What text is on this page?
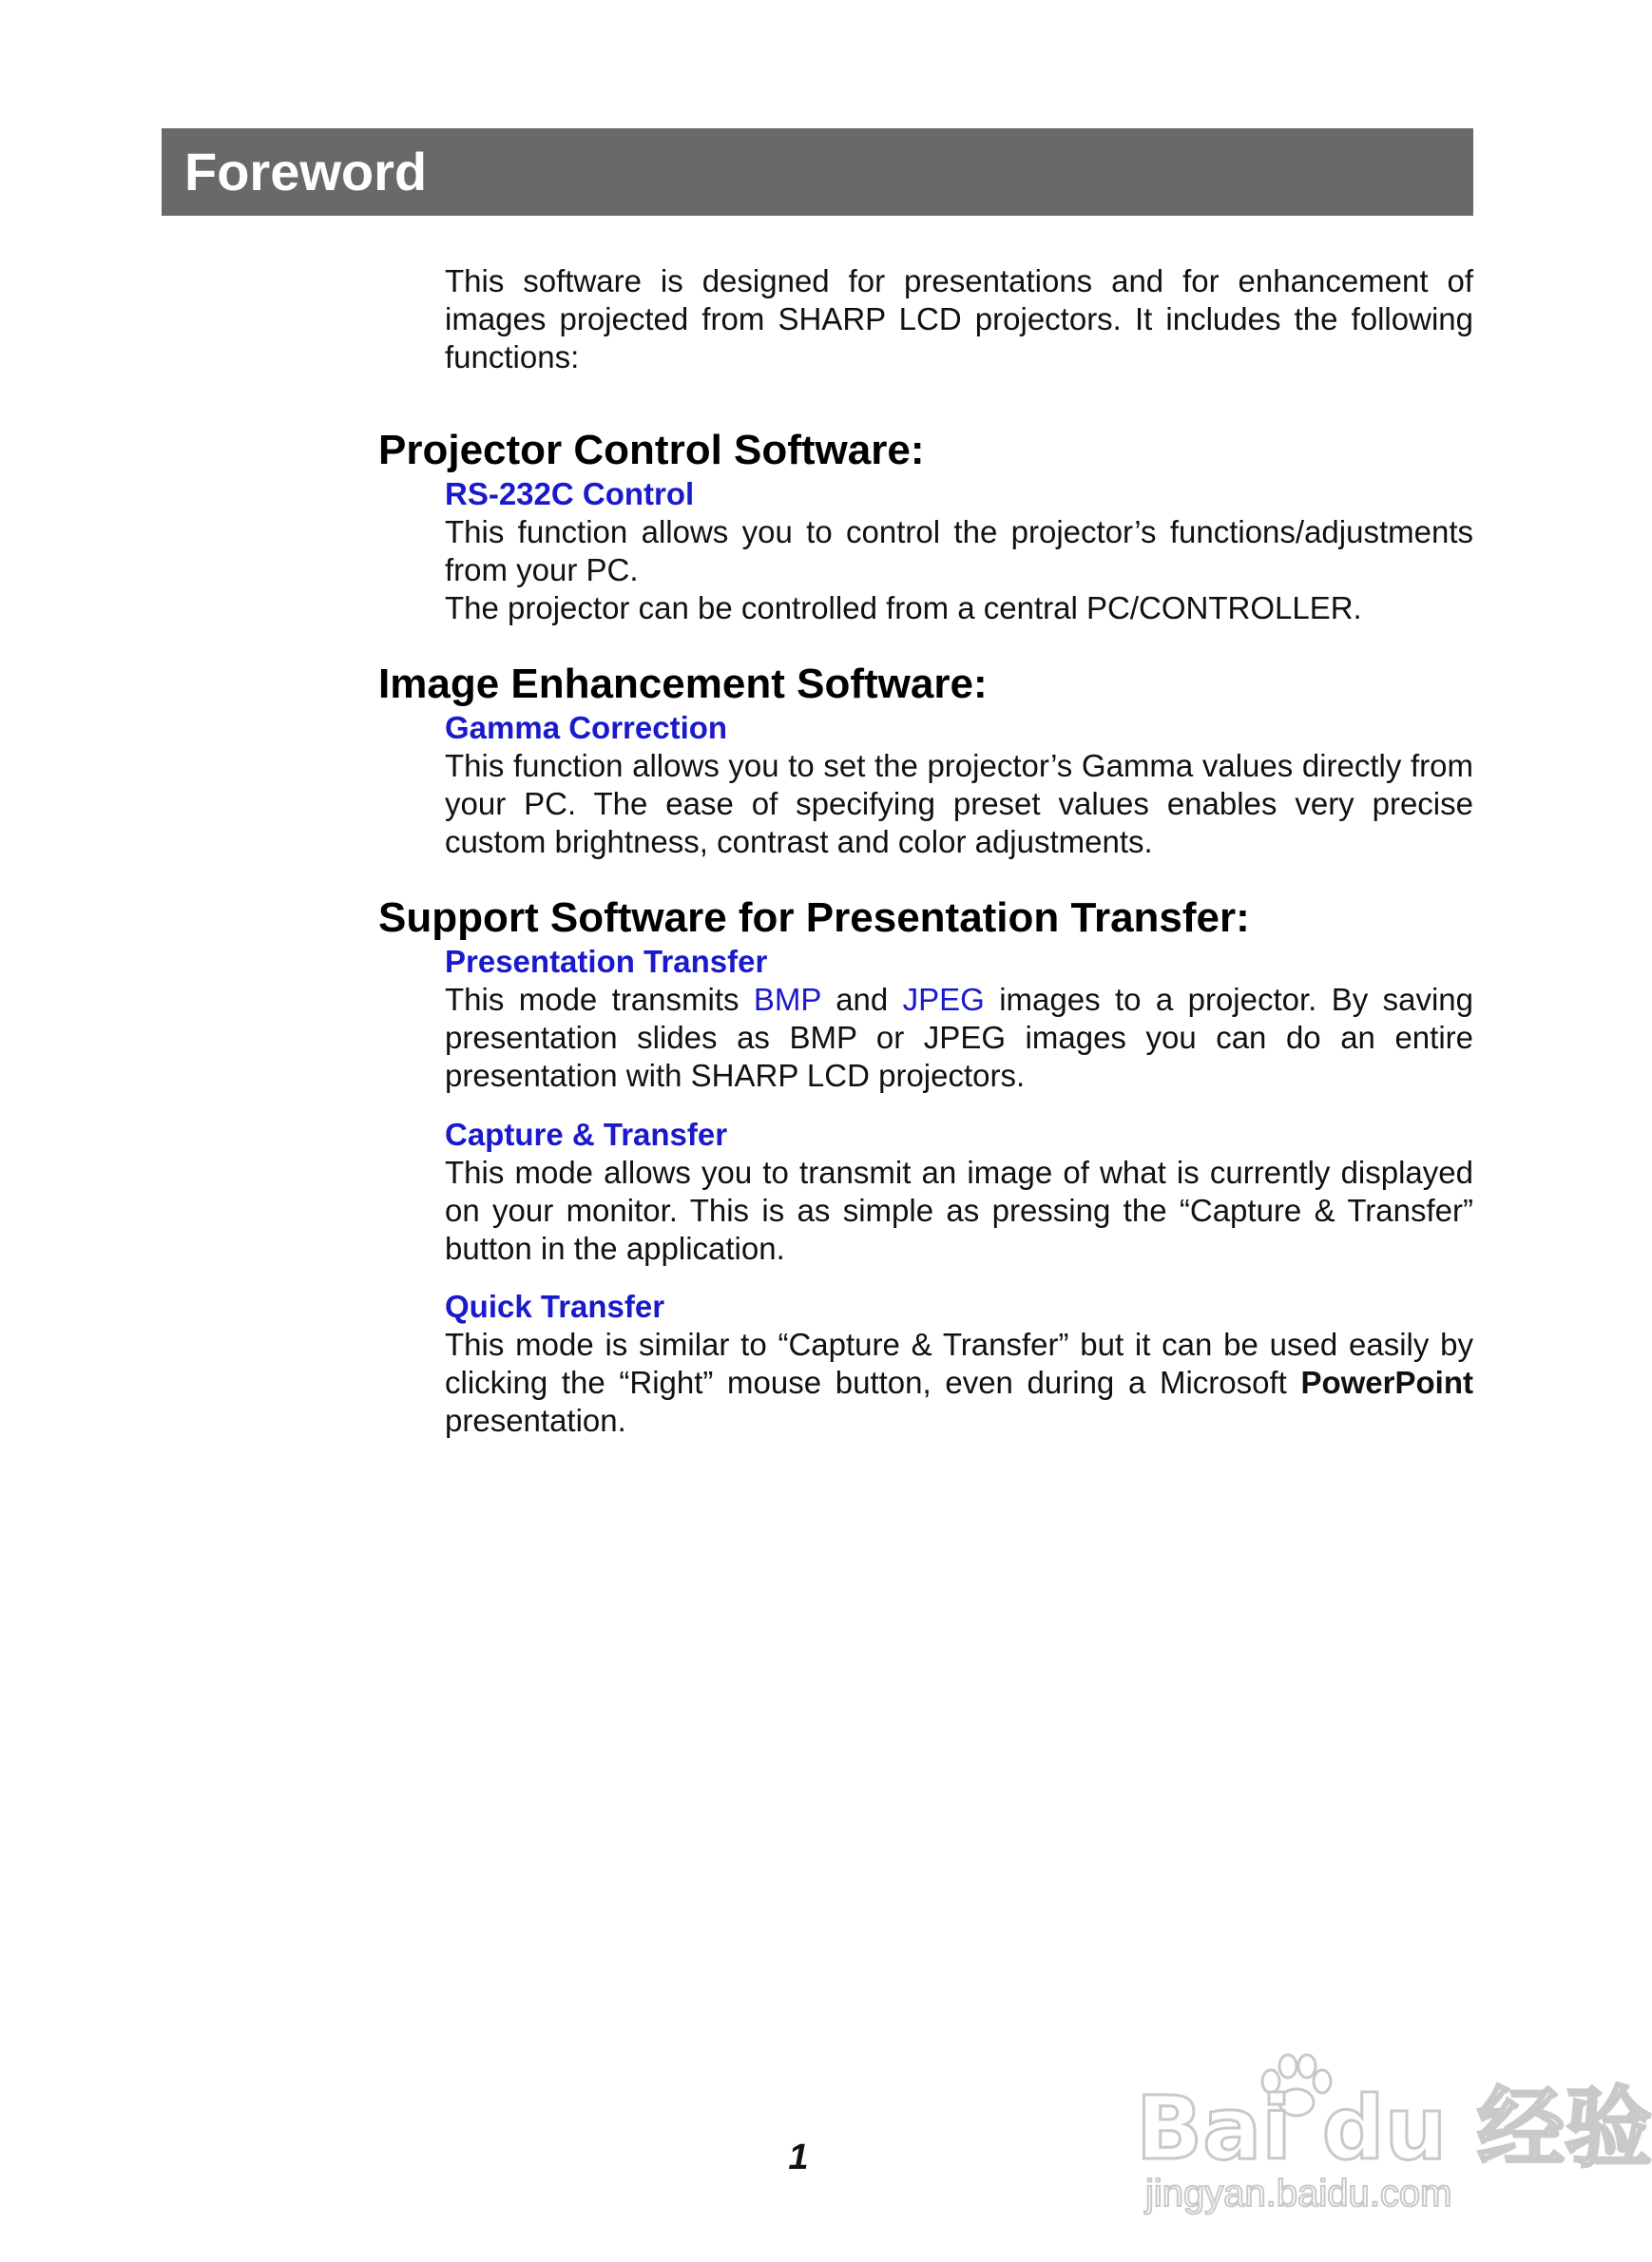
Foreword

This software is designed for presentations and for enhancement of images projected from SHARP LCD projectors. It includes the following functions:

Projector Control Software:
RS-232C Control

This function allows you to control the projector’s functions/adjustments from your PC.

The projector can be controlled from a central PC/CONTROLLER.

Image Enhancement Software:
Gamma Correction

This function allows you to set the projector’s Gamma values directly from your PC. The ease of specifying preset values enables very precise custom brightness, contrast and color adjustments.

Support Software for Presentation Transfer:
Presentation Transfer

This mode transmits BMP and JPEG images to a projector. By saving presentation slides as BMP or JPEG images you can do an entire presentation with SHARP LCD projectors.

Capture & Transfer

This mode allows you to transmit an image of what is currently displayed on your monitor. This is as simple as pressing the “Capture & Transfer” button in the application.

Quick Transfer

This mode is similar to “Capture & Transfer” but it can be used easily by clicking the “Right” mouse button, even during a Microsoft PowerPoint presentation.

1	Bai du 经验
jingyan.baidu.com
